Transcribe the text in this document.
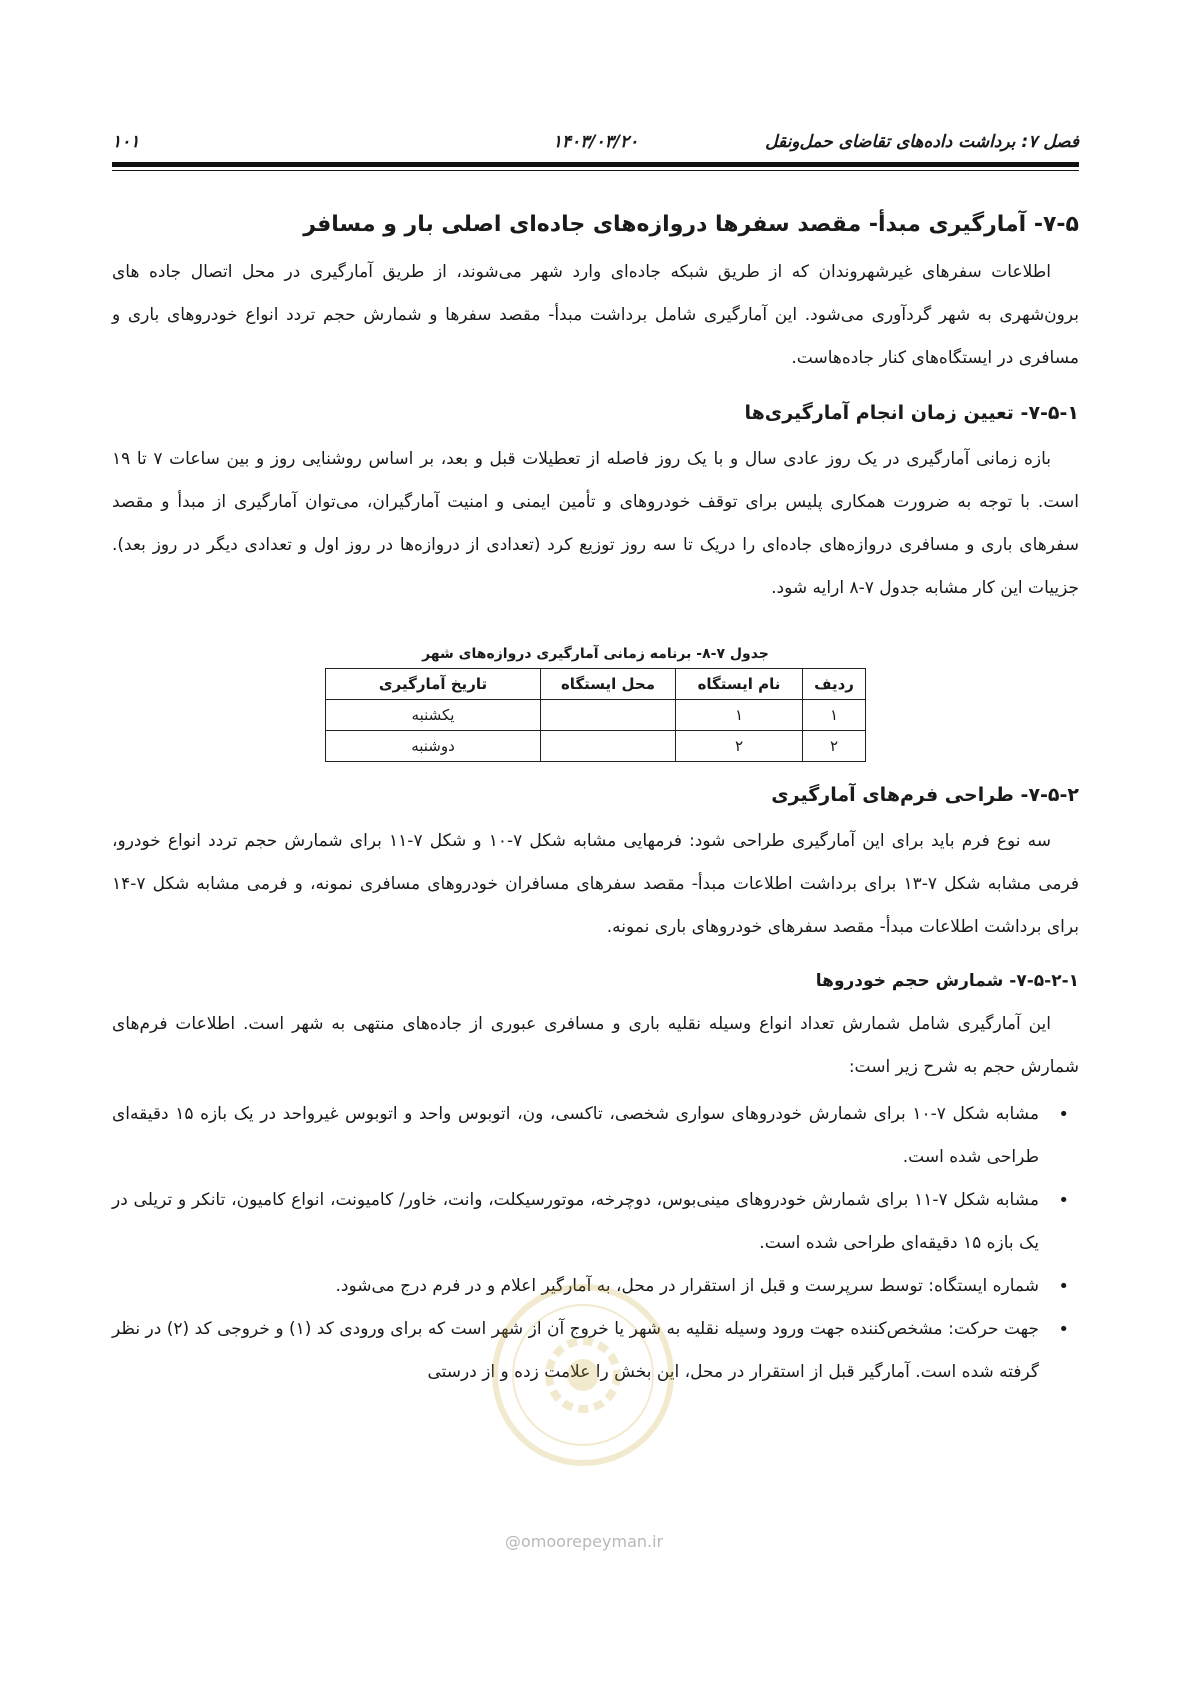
فصل ۷: برداشت داده‌های تقاضای حمل‌ونقل
۱۴۰۳/۰۳/۲۰
۱۰۱
۷-۵- آمارگیری مبدأ- مقصد سفرها دروازه‌های جاده‌ای اصلی بار و مسافر

اطلاعات سفرهای غیرشهروندان که از طریق شبکه جاده‌ای وارد شهر می‌شوند، از طریق آمارگیری در محل اتصال جاده های برون‌شهری به شهر گردآوری می‌شود. این آمارگیری شامل برداشت مبدأ- مقصد سفرها و شمارش حجم تردد انواع خودروهای باری و مسافری در ایستگاه‌های کنار جاده‌هاست.

۷-۵-۱- تعیین زمان انجام آمارگیری‌ها

بازه زمانی آمارگیری در یک روز عادی سال و با یک روز فاصله از تعطیلات قبل و بعد، بر اساس روشنایی روز و بین ساعات ۷ تا ۱۹ است. با توجه به ضرورت همکاری پلیس برای توقف خودروهای و تأمین ایمنی و امنیت آمارگیران، می‌توان آمارگیری از مبدأ و مقصد سفرهای باری و مسافری دروازه‌های جاده‌ای را دریک تا سه روز توزیع کرد (تعدادی از دروازه‌ها در روز اول و تعدادی دیگر در روز بعد). جزییات این کار مشابه جدول ۷-۸ ارایه شود.

جدول ۷-۸- برنامه زمانی آمارگیری دروازه‌های شهر
ردیف	نام ایستگاه	محل ایستگاه	تاریخ آمارگیری
۱	۱		یکشنبه
۲	۲		دوشنبه
۷-۵-۲- طراحی فرم‌های آمارگیری

سه نوع فرم باید برای این آمارگیری طراحی شود: فرمهایی مشابه شکل ۷-۱۰ و شکل ۷-۱۱ برای شمارش حجم تردد انواع خودرو، فرمی مشابه شکل ۷-۱۳ برای برداشت اطلاعات مبدأ- مقصد سفرهای مسافران خودروهای مسافری نمونه، و فرمی مشابه شکل ۷-۱۴ برای برداشت اطلاعات مبدأ- مقصد سفرهای خودروهای باری نمونه.

۷-۵-۲-۱- شمارش حجم خودروها

این آمارگیری شامل شمارش تعداد انواع وسیله نقلیه باری و مسافری عبوری از جاده‌های منتهی به شهر است. اطلاعات فرم‌های شمارش حجم به شرح زیر است:

• مشابه شکل ۷-۱۰ برای شمارش خودروهای سواری شخصی، تاکسی، ون، اتوبوس واحد و اتوبوس غیرواحد در یک بازه ۱۵ دقیقه‌ای طراحی شده است.
• مشابه شکل ۷-۱۱ برای شمارش خودروهای مینی‌بوس، دوچرخه، موتورسیکلت، وانت، خاور/ کامیونت، انواع کامیون، تانکر و تریلی در یک بازه ۱۵ دقیقه‌ای طراحی شده است.
• شماره ایستگاه: توسط سرپرست و قبل از استقرار در محل، به آمارگیر اعلام و در فرم درج می‌شود.
• جهت حرکت: مشخص‌کننده جهت ورود وسیله نقلیه به شهر یا خروج آن از شهر است که برای ورودی کد (۱) و خروجی کد (۲) در نظر گرفته شده است. آمارگیر قبل از استقرار در محل، این بخش را علامت زده و از درستی
@omoorepeyman.ir
